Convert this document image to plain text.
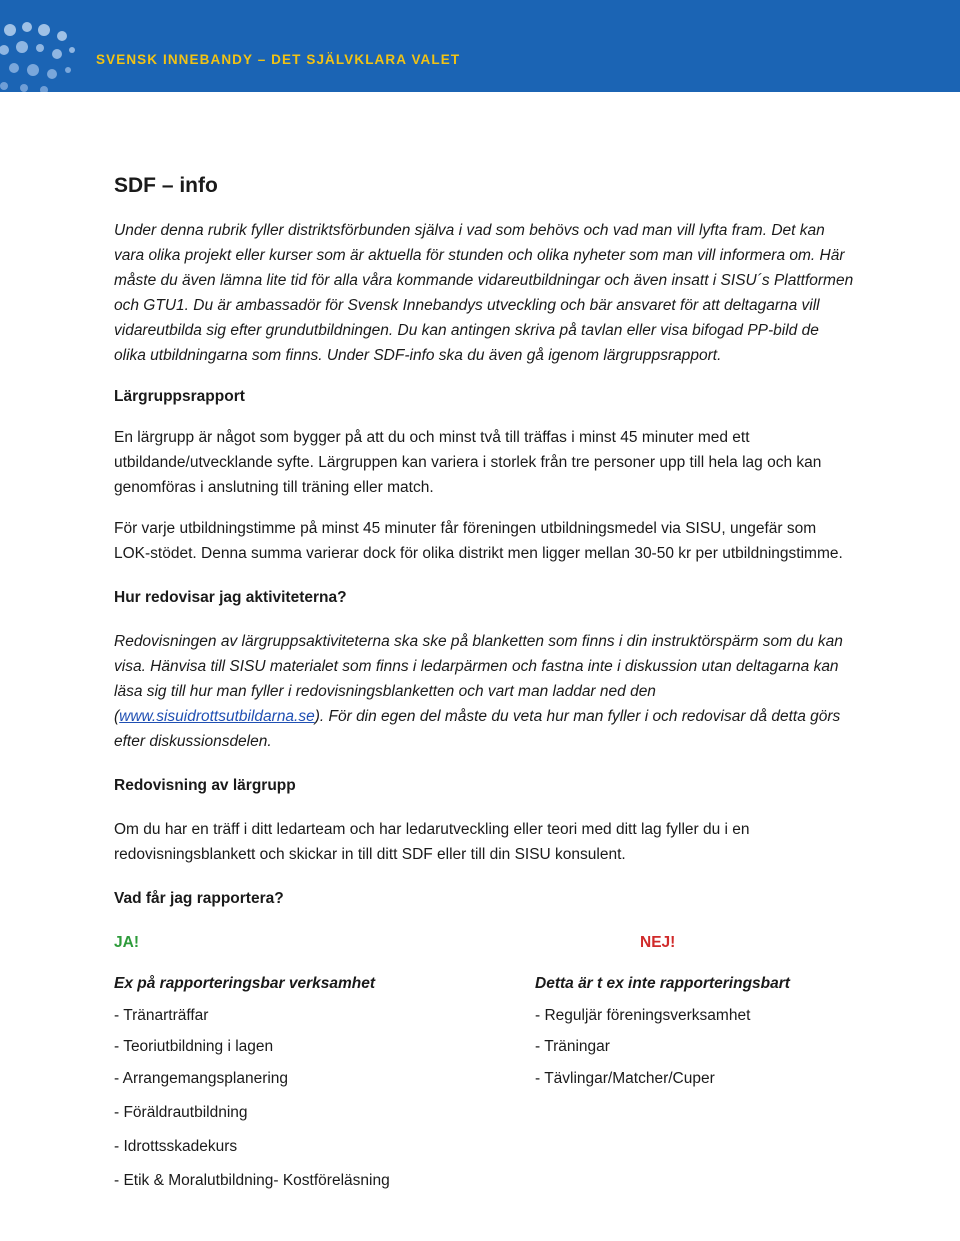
SVENSK INNEBANDY – DET SJÄLVKLARA VALET
SDF – info

Under denna rubrik fyller distriktsförbunden själva i vad som behövs och vad man vill lyfta fram. Det kan vara olika projekt eller kurser som är aktuella för stunden och olika nyheter som man vill informera om. Här måste du även lämna lite tid för alla våra kommande vidareutbildningar och även insatt i SISU´s Plattformen och GTU1. Du är ambassadör för Svensk Innebandys utveckling och bär ansvaret för att deltagarna vill vidareutbilda sig efter grundutbildningen. Du kan antingen skriva på tavlan eller visa bifogad PP-bild de olika utbildningarna som finns. Under SDF-info ska du även gå igenom lärgruppsrapport.

Lärgruppsrapport

En lärgrupp är något som bygger på att du och minst två till träffas i minst 45 minuter med ett utbildande/utvecklande syfte. Lärgruppen kan variera i storlek från tre personer upp till hela lag och kan genomföras i anslutning till träning eller match.

För varje utbildningstimme på minst 45 minuter får föreningen utbildningsmedel via SISU, ungefär som LOK-stödet. Denna summa varierar dock för olika distrikt men ligger mellan 30-50 kr per utbildningstimme.

Hur redovisar jag aktiviteterna?

Redovisningen av lärgruppsaktiviteterna ska ske på blanketten som finns i din instruktörspärm som du kan visa. Hänvisa till SISU materialet som finns i ledarpärmen och fastna inte i diskussion utan deltagarna kan läsa sig till hur man fyller i redovisningsblanketten och vart man laddar ned den (www.sisuidrottsutbildarna.se). För din egen del måste du veta hur man fyller i och redovisar då detta görs efter diskussionsdelen.

Redovisning av lärgrupp

Om du har en träff i ditt ledarteam och har ledarutveckling eller teori med ditt lag fyller du i en redovisningsblankett och skickar in till ditt SDF eller till din SISU konsulent.

Vad får jag rapportera?

JA!
Ex på rapporteringsbar verksamhet
- Tränarträffar
- Teoriutbildning i lagen
- Arrangemangsplanering
- Föräldrautbildning
- Idrottsskadekurs
- Etik & Moralutbildning- Kostföreläsning
NEJ!
Detta är t ex inte rapporteringsbart
- Reguljär föreningsverksamhet
- Träningar
- Tävlingar/Matcher/Cuper
